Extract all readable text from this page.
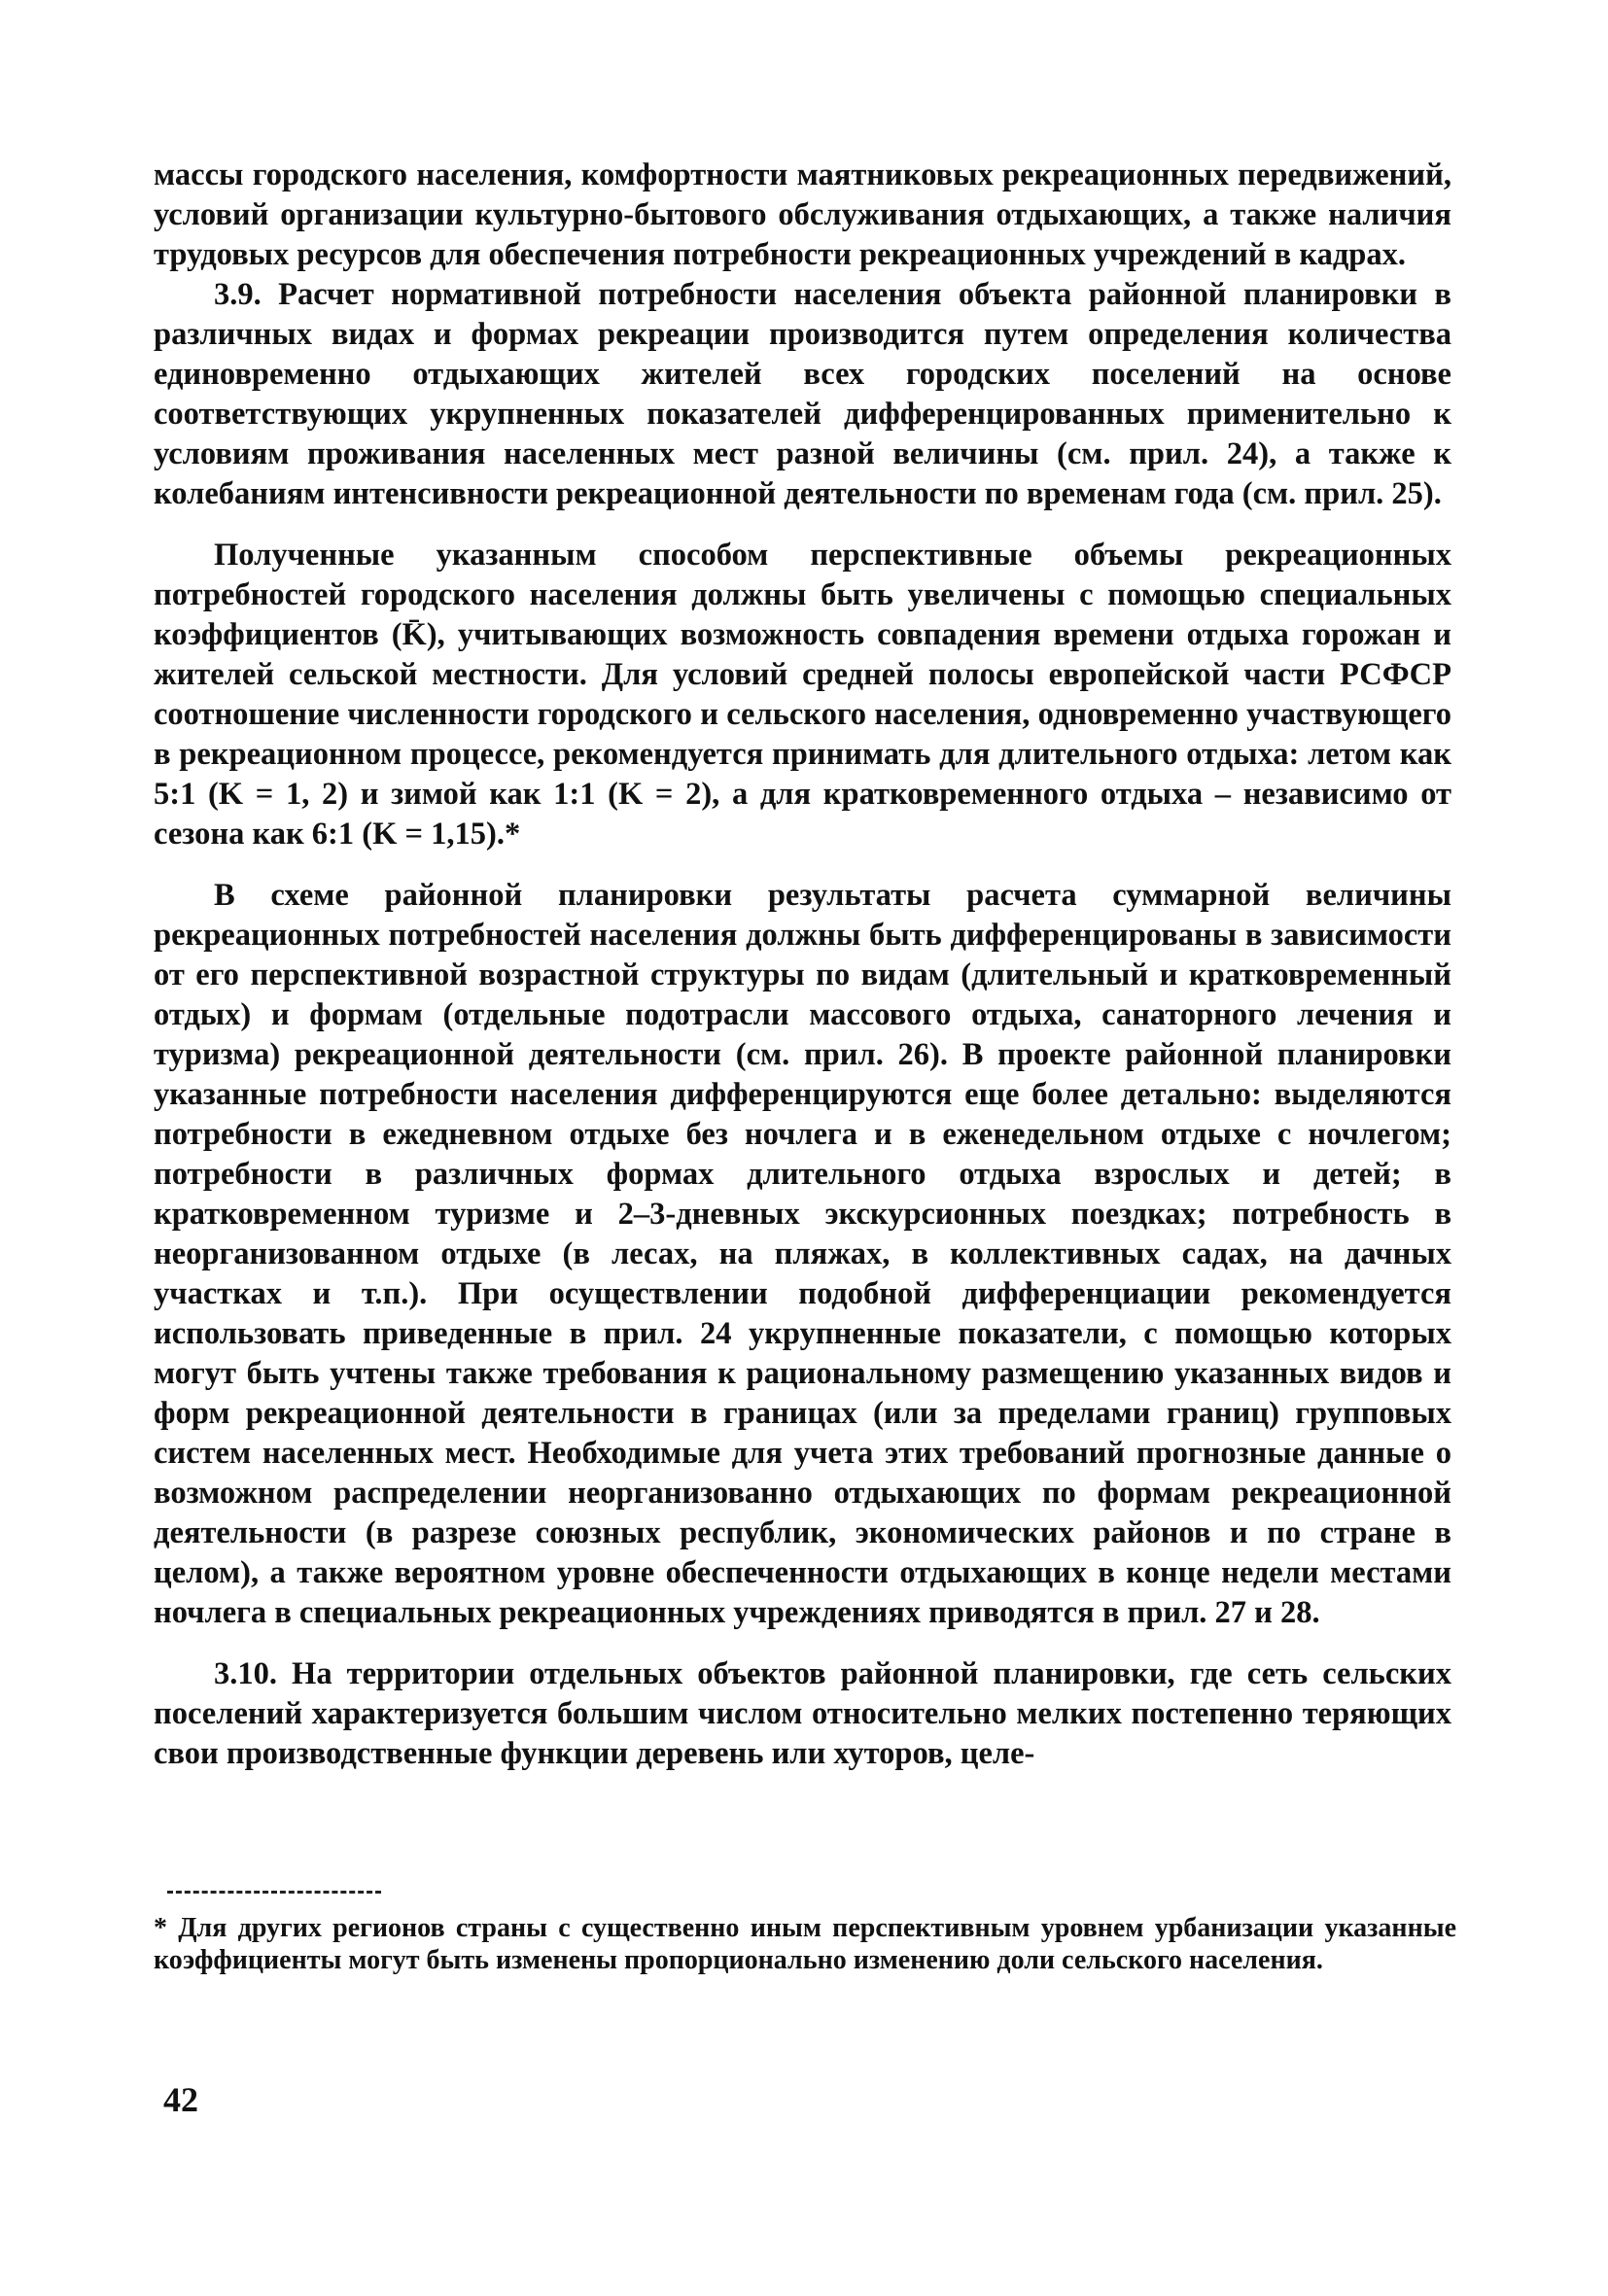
массы городского населения, комфортности маятниковых рекреационных передвижений, условий организации культурно-бытового обслуживания отдыхающих, а также наличия трудовых ресурсов для обеспечения потребности рекреационных учреждений в кадрах.

3.9. Расчет нормативной потребности населения объекта районной планировки в различных видах и формах рекреации производится путем определения количества единовременно отдыхающих жителей всех городских поселений на основе соответствующих укрупненных показателей дифференцированных применительно к условиям проживания населенных мест разной величины (см. прил. 24), а также к колебаниям интенсивности рекреационной деятельности по временам года (см. прил. 25).

Полученные указанным способом перспективные объемы рекреационных потребностей городского населения должны быть увеличены с помощью специальных коэффициентов (K̄), учитывающих возможность совпадения времени отдыха горожан и жителей сельской местности. Для условий средней полосы европейской части РСФСР соотношение численности городского и сельского населения, одновременно участвующего в рекреационном процессе, рекомендуется принимать для длительного отдыха: летом как 5:1 (K = 1, 2) и зимой как 1:1 (K = 2), а для кратковременного отдыха – независимо от сезона как 6:1 (K = 1,15).*

В схеме районной планировки результаты расчета суммарной величины рекреационных потребностей населения должны быть дифференцированы в зависимости от его перспективной возрастной структуры по видам (длительный и кратковременный отдых) и формам (отдельные подотрасли массового отдыха, санаторного лечения и туризма) рекреационной деятельности (см. прил. 26). В проекте районной планировки указанные потребности населения дифференцируются еще более детально: выделяются потребности в ежедневном отдыхе без ночлега и в еженедельном отдыхе с ночлегом; потребности в различных формах длительного отдыха взрослых и детей; в кратковременном туризме и 2–3-дневных экскурсионных поездках; потребность в неорганизованном отдыхе (в лесах, на пляжах, в коллективных садах, на дачных участках и т.п.). При осуществлении подобной дифференциации рекомендуется использовать приведенные в прил. 24 укрупненные показатели, с помощью которых могут быть учтены также требования к рациональному размещению указанных видов и форм рекреационной деятельности в границах (или за пределами границ) групповых систем населенных мест. Необходимые для учета этих требований прогнозные данные о возможном распределении неорганизованно отдыхающих по формам рекреационной деятельности (в разрезе союзных республик, экономических районов и по стране в целом), а также вероятном уровне обеспеченности отдыхающих в конце недели местами ночлега в специальных рекреационных учреждениях приводятся в прил. 27 и 28.

3.10. На территории отдельных объектов районной планировки, где сеть сельских поселений характеризуется большим числом относительно мелких постепенно теряющих свои производственные функции деревень или хуторов, целе-

* Для других регионов страны с существенно иным перспективным уровнем урбанизации указанные коэффициенты могут быть изменены пропорционально изменению доли сельского населения.

42
